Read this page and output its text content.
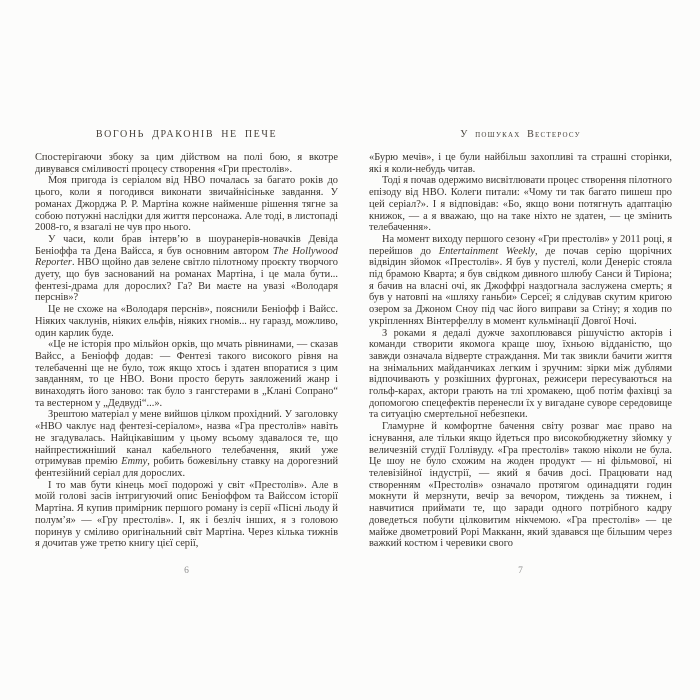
ВОГОНЬ ДРАКОНІВ НЕ ПЕЧЕ

Спостерігаючи збоку за цим дійством на полі бою, я вкотре дивувався сміливості процесу створення «Гри престолів».

Моя пригода із серіалом від НВО почалась за багато років до цього, коли я погодився виконати звичайнісіньке завдання. У романах Джорджа Р. Р. Мартіна кожне найменше рішення тягне за собою потужні наслідки для життя персонажа. Але тоді, в листопаді 2008-го, я взагалі не чув про нього.

У часи, коли брав інтерв’ю в шоуранерів-новачків Девіда Беніоффа та Дена Вайсса, я був основним автором The Hollywood Reporter. НВО щойно дав зелене світло пілотному проєкту творчого дуету, що був заснований на романах Мартіна, і це мала бути... фентезі-драма для дорослих? Га? Ви маєте на увазі «Володаря перснів»?

Це не схоже на «Володаря перснів», пояснили Беніофф і Вайсс. Ніяких чаклунів, ніяких ельфів, ніяких гномів... ну гаразд, можливо, один карлик буде.

«Це не історія про мільйон орків, що мчать рівнинами, — сказав Вайсс, а Беніофф додав: — Фентезі такого високого рівня на телебаченні ще не було, тож якщо хтось і здатен впоратися з цим завданням, то це НВО. Вони просто беруть заяложений жанр і винаходять його заново: так було з гангстерами в „Клані Сопрано“ та вестерном у „Дедвуді“...».

Зрештою матеріал у мене вийшов цілком прохідний. У заголовку «НВО чаклує над фентезі-серіалом», назва «Гра престолів» навіть не згадувалась. Найцікавішим у цьому всьому здавалося те, що найпрестижніший канал кабельного телебачення, який уже отримував премію Emmy, робить божевільну ставку на дорогезний фентезійний серіал для дорослих.

І то мав бути кінець моєї подорожі у світ «Престолів». Але в моїй голові засів інтригуючий опис Беніоффом та Вайссом історії Мартіна. Я купив примірник першого роману із серії «Пісні льоду й полум’я» — «Гру престолів». І, як і безліч інших, я з головою поринув у сміливо оригінальний світ Мартіна. Через кілька тижнів я дочитав уже третю книгу цієї серії,

6
У пошуках Вестеросу

«Бурю мечів», і це були найбільш захопливі та страшні сторінки, які я коли-небудь читав.

Тоді я почав одержимо висвітлювати процес створення пілотного епізоду від НВО. Колеги питали: «Чому ти так багато пишеш про цей серіал?». І я відповідав: «Бо, якщо вони потягнуть адаптацію книжок, — а я вважаю, що на таке ніхто не здатен, — це змінить телебачення».

На момент виходу першого сезону «Гри престолів» у 2011 році, я перейшов до Entertainment Weekly, де почав серію щорічних відвідин зйомок «Престолів». Я був у пустелі, коли Денеріс стояла під брамою Кварта; я був свідком дивного шлюбу Санси й Тиріона; я бачив на власні очі, як Джоффрі наздогнала заслужена смерть; я був у натовпі на «шляху ганьби» Серсеї; я слідував скутим кригою озером за Джоном Сноу під час його виправи за Стіну; я ходив по укріпленнях Вінтерфеллу в момент кульмінації Довгої Ночі.

З роками я дедалі дужче захоплювався рішучістю акторів і команди створити якомога краще шоу, їхньою відданістю, що завжди означала відверте страждання. Ми так звикли бачити життя на знімальних майданчиках легким і зручним: зірки між дублями відпочивають у розкішних фургонах, режисери пересуваються на гольф-карах, актори грають на тлі хромакею, щоб потім фахівці за допомогою спецефектів перенесли їх у вигадане суворе середовище та ситуацію смертельної небезпеки.

Гламурне й комфортне бачення світу розваг має право на існування, але тільки якщо йдеться про високобюджетну зйомку у величезній студії Голлівуду. «Гра престолів» такою ніколи не була. Це шоу не було схожим на жоден продукт — ні фільмової, ні телевізійної індустрії, — який я бачив досі. Працювати над створенням «Престолів» означало протягом одинадцяти годин мокнути й мерзнути, вечір за вечором, тиждень за тижнем, і навчитися приймати те, що заради одного потрібного кадру доведеться побути цілковитим нікчемою. «Гра престолів» — це майже двометровий Рорі Макканн, який здавався ще більшим через важкий костюм і черевики свого

7
